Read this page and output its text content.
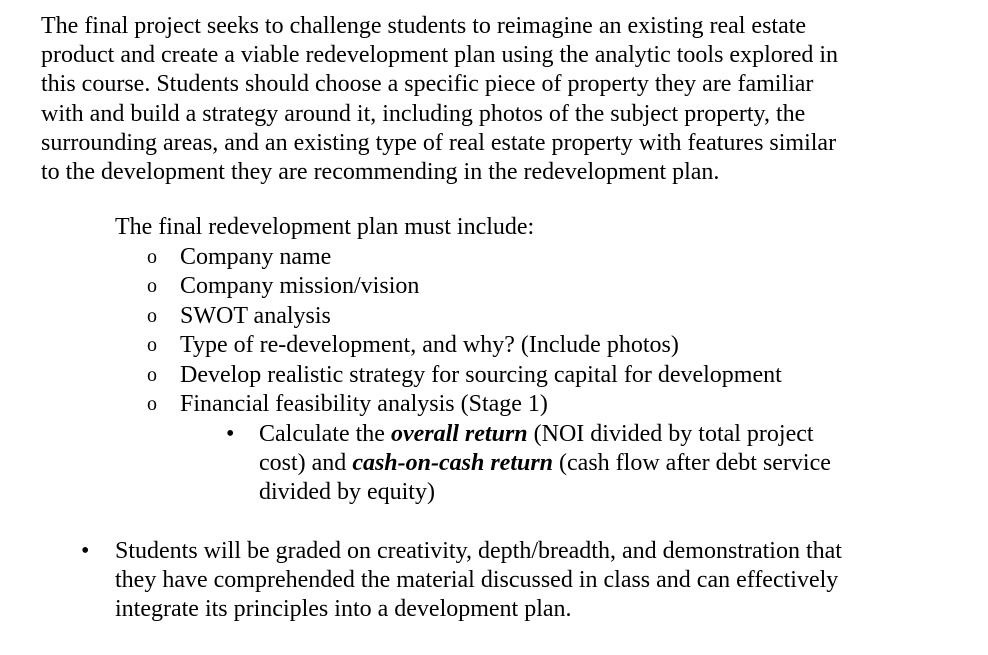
The final project seeks to challenge students to reimagine an existing real estate
product and create a viable redevelopment plan using the analytic tools explored in
this course. Students should choose a specific piece of property they are familiar
with and build a strategy around it, including photos of the subject property, the
surrounding areas, and an existing type of real estate property with features similar
to the development they are recommending in the redevelopment plan.
The final redevelopment plan must include:
o Company name
o Company mission/vision
o SWOT analysis
o Type of re-development, and why? (Include photos)
o Develop realistic strategy for sourcing capital for development
o Financial feasibility analysis (Stage 1)
• Calculate the overall return (NOI divided by total project
cost) and cash-on-cash return (cash flow after debt service
divided by equity)
• Students will be graded on creativity, depth/breadth, and demonstration that
they have comprehended the material discussed in class and can effectively
integrate its principles into a development plan.
